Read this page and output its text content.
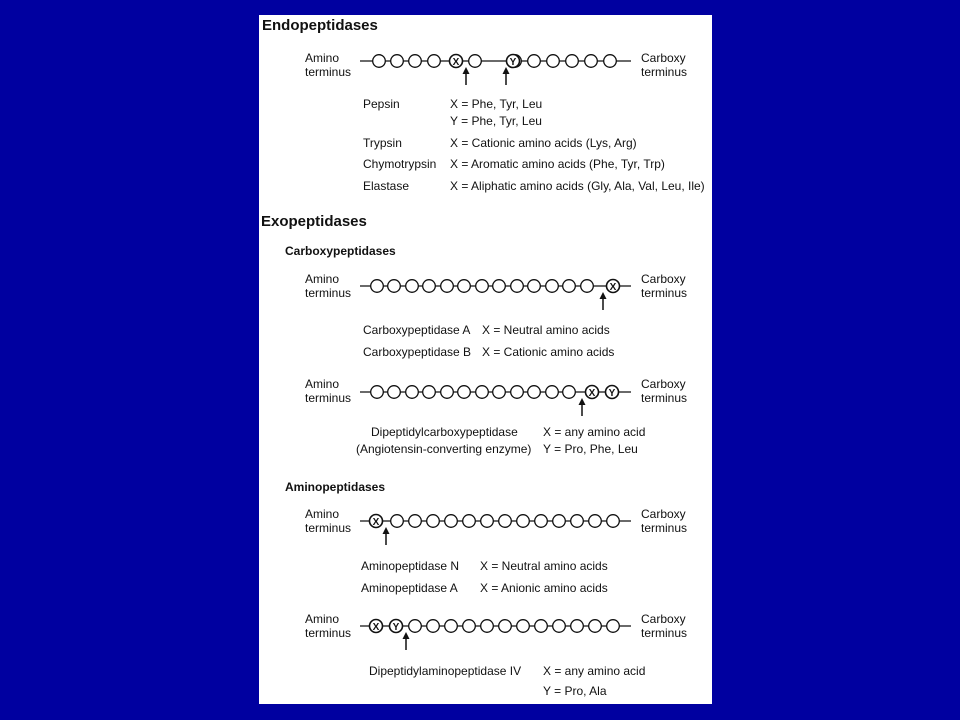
Endopeptidases
Amino
terminus
Carboxy
terminus
X	Y
Pepsin	X = Phe, Tyr, Leu
Y = Phe, Tyr, Leu
Trypsin	X = Cationic amino acids (Lys, Arg)
Chymotrypsin X = Aromatic amino acids (Phe, Tyr, Trp)
Elastase	X = Aliphatic amino acids (Gly, Ala, Val, Leu, Ile)
Exopeptidases
Carboxypeptidases
Amino
terminus
Carboxy
terminus
X
Carboxypeptidase A X = Neutral amino acids
Carboxypeptidase B X = Cationic amino acids
Amino
terminus
Carboxy
terminus
X Y
Dipeptidylcarboxypeptidase X = any amino acid
(Angiotensin-converting enzyme) Y = Pro, Phe, Leu
Aminopeptidases
Amino
terminus
Carboxy
terminus
X
Aminopeptidase N X = Neutral amino acids
Aminopeptidase A X = Anionic amino acids
Amino
terminus
Carboxy
terminus
X Y
Dipeptidylaminopeptidase IV X = any amino acid
Y = Pro, Ala
